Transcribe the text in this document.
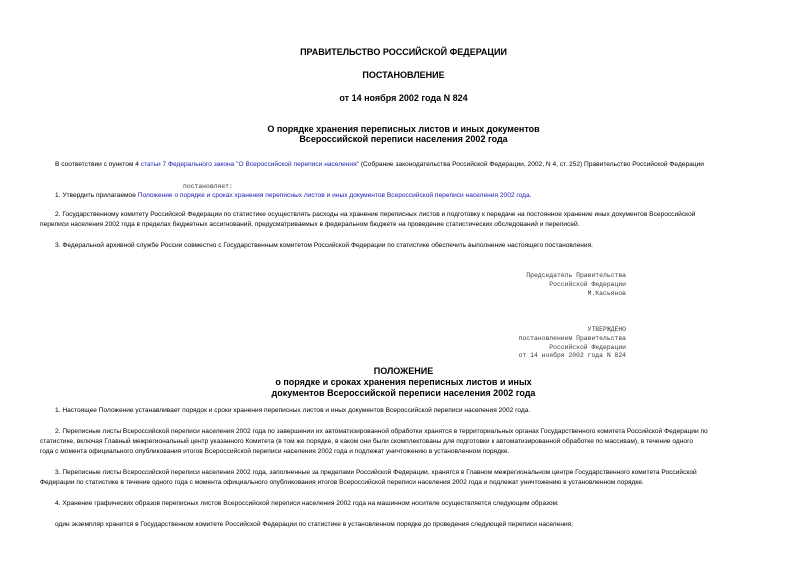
ПРАВИТЕЛЬСТВО РОССИЙСКОЙ ФЕДЕРАЦИИ
ПОСТАНОВЛЕНИЕ
от 14 ноября 2002 года N 824
О порядке хранения переписных листов и иных документов
Всероссийской переписи населения 2002 года
В соответствии с пунктом 4 статьи 7 Федерального закона "О Всероссийской переписи населения" (Собрание законодательства Российской Федерации, 2002, N 4, ст. 252) Правительство Российской Федерации
постановляет:
1. Утвердить прилагаемое Положение о порядке и сроках хранения переписных листов и иных документов Всероссийской переписи населения 2002 года.
2. Государственному комитету Российской Федерации по статистике осуществлять расходы на хранение переписных листов и подготовку к передаче на постоянное хранение иных документов Всероссийской
переписи населения 2002 года в пределах бюджетных ассигнований, предусматриваемых в федеральном бюджете на проведение статистических обследований и переписей.
3. Федеральной архивной службе России совместно с Государственным комитетом Российской Федерации по статистике обеспечить выполнение настоящего постановления.
Председатель Правительства
Российской Федерации
М.Касьянов
УТВЕРЖДЕНО
постановлением Правительства
Российской Федерации
от 14 ноября 2002 года N 824
ПОЛОЖЕНИЕ
о порядке и сроках хранения переписных листов и иных
документов Всероссийской переписи населения 2002 года
1. Настоящее Положение устанавливает порядок и сроки хранения переписных листов и иных документов Всероссийской переписи населения 2002 года.
2. Переписные листы Всероссийской переписи населения 2002 года по завершении их автоматизированной обработки хранятся в территориальных органах Государственного комитета Российской Федерации по
статистике, включая Главный межрегиональный центр указанного Комитета (в том же порядке, в каком они были скомплектованы для подготовки к автоматизированной обработке по массивам), в течение одного
года с момента официального опубликования итогов Всероссийской переписи населения 2002 года и подлежат уничтожению в установленном порядке.
3. Переписные листы Всероссийской переписи населения 2002 года, заполненные за пределами Российской Федерации, хранятся в Главном межрегиональном центре Государственного комитета Российской
Федерации по статистике в течение одного года с момента официального опубликования итогов Всероссийской переписи населения 2002 года и подлежат уничтожению в установленном порядке.
4. Хранение графических образов переписных листов Всероссийской переписи населения 2002 года на машинном носителе осуществляется следующим образом:
один экземпляр хранится в Государственном комитете Российской Федерации по статистике в установленном порядке до проведения следующей переписи населения;
